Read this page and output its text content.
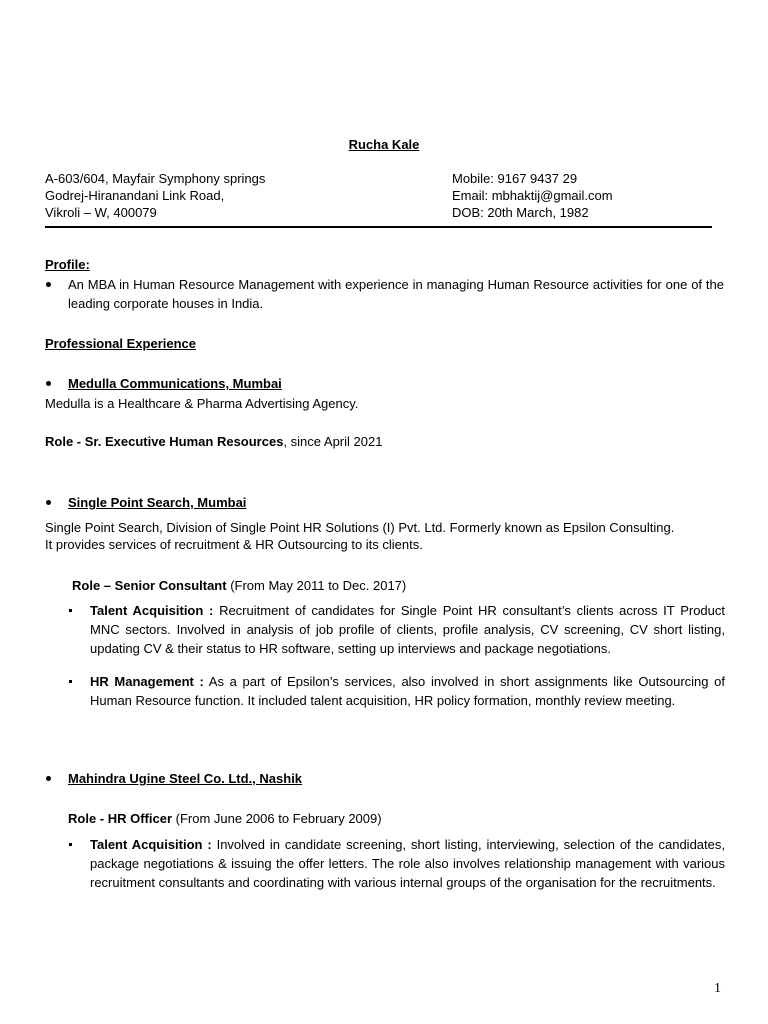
Rucha Kale
A-603/604, Mayfair Symphony springs
Godrej-Hiranandani Link Road,
Vikroli – W, 400079
Mobile: 9167 9437 29
Email: mbhaktij@gmail.com
DOB: 20th March, 1982
Profile:
An MBA in Human Resource Management with experience in managing Human Resource activities for one of the leading corporate houses in India.
Professional Experience
Medulla Communications, Mumbai
Medulla is a Healthcare & Pharma Advertising Agency.
Role - Sr. Executive Human Resources, since April 2021
Single Point Search, Mumbai
Single Point Search, Division of Single Point HR Solutions (I) Pvt. Ltd. Formerly known as Epsilon Consulting.
It provides services of recruitment & HR Outsourcing to its clients.
Role – Senior Consultant (From May 2011 to Dec. 2017)
Talent Acquisition : Recruitment of candidates for Single Point HR consultant’s clients across IT Product MNC sectors. Involved in analysis of job profile of clients, profile analysis, CV screening, CV short listing, updating CV & their status to HR software, setting up interviews and package negotiations.
HR Management : As a part of Epsilon’s services, also involved in short assignments like Outsourcing of Human Resource function. It included talent acquisition, HR policy formation, monthly review meeting.
Mahindra Ugine Steel Co. Ltd., Nashik
Role - HR Officer (From June 2006 to February 2009)
Talent Acquisition : Involved in candidate screening, short listing, interviewing, selection of the candidates, package negotiations & issuing the offer letters. The role also involves relationship management with various recruitment consultants and coordinating with various internal groups of the organisation for the recruitments.
1
